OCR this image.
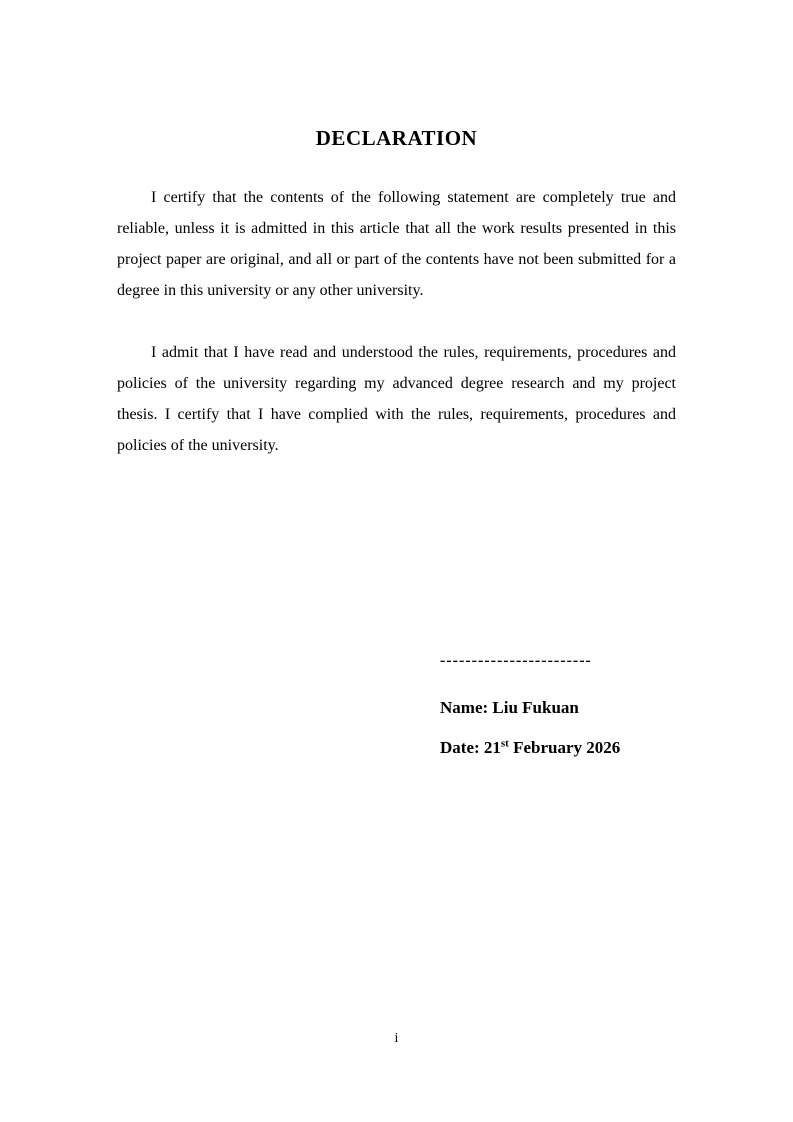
DECLARATION

I certify that the contents of the following statement are completely true and reliable, unless it is admitted in this article that all the work results presented in this project paper are original, and all or part of the contents have not been submitted for a degree in this university or any other university.

I admit that I have read and understood the rules, requirements, procedures and policies of the university regarding my advanced degree research and my project thesis. I certify that I have complied with the rules, requirements, procedures and policies of the university.

------------------------
Name: Liu Fukuan
Date: 21st February 2026
i
